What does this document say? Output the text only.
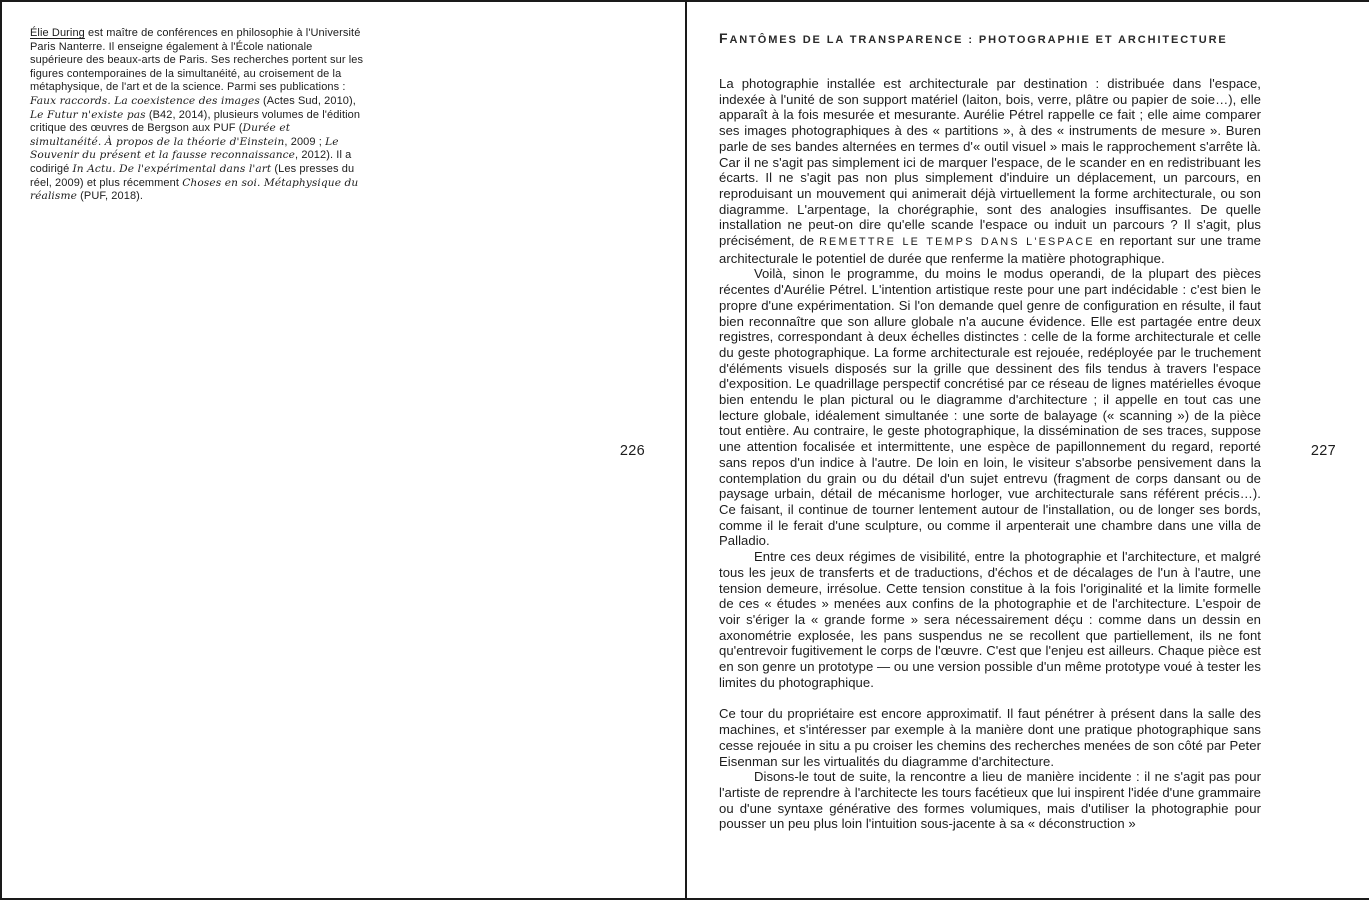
Élie During est maître de conférences en philosophie à l'Université Paris Nanterre. Il enseigne également à l'École nationale supérieure des beaux-arts de Paris. Ses recherches portent sur les figures contemporaines de la simultanéité, au croisement de la métaphysique, de l'art et de la science. Parmi ses publications : Faux raccords. La coexistence des images (Actes Sud, 2010), Le Futur n'existe pas (B42, 2014), plusieurs volumes de l'édition critique des œuvres de Bergson aux PUF (Durée et simultanéité. À propos de la théorie d'Einstein, 2009 ; Le Souvenir du présent et la fausse reconnaissance, 2012). Il a codirigé In Actu. De l'expérimental dans l'art (Les presses du réel, 2009) et plus récemment Choses en soi. Métaphysique du réalisme (PUF, 2018).
226
FANTÔMES DE LA TRANSPARENCE : PHOTOGRAPHIE ET ARCHITECTURE

La photographie installée est architecturale par destination : distribuée dans l'espace, indexée à l'unité de son support matériel (laiton, bois, verre, plâtre ou papier de soie…), elle apparaît à la fois mesurée et mesurante. Aurélie Pétrel rappelle ce fait ; elle aime comparer ses images photographiques à des « partitions », à des « instruments de mesure ». Buren parle de ses bandes alternées en termes d'« outil visuel » mais le rapprochement s'arrête là. Car il ne s'agit pas simplement ici de marquer l'espace, de le scander en en redistribuant les écarts. Il ne s'agit pas non plus simplement d'induire un déplacement, un parcours, en reproduisant un mouvement qui animerait déjà virtuellement la forme architecturale, ou son diagramme. L'arpentage, la chorégraphie, sont des analogies insuffisantes. De quelle installation ne peut-on dire qu'elle scande l'espace ou induit un parcours ? Il s'agit, plus précisément, de REMETTRE LE TEMPS DANS L'ESPACE en reportant sur une trame architecturale le potentiel de durée que renferme la matière photographique.

Voilà, sinon le programme, du moins le modus operandi, de la plupart des pièces récentes d'Aurélie Pétrel. L'intention artistique reste pour une part indécidable : c'est bien le propre d'une expérimentation. Si l'on demande quel genre de configuration en résulte, il faut bien reconnaître que son allure globale n'a aucune évidence. Elle est partagée entre deux registres, correspondant à deux échelles distinctes : celle de la forme architecturale et celle du geste photographique. La forme architecturale est rejouée, redéployée par le truchement d'éléments visuels disposés sur la grille que dessinent des fils tendus à travers l'espace d'exposition. Le quadrillage perspectif concrétisé par ce réseau de lignes matérielles évoque bien entendu le plan pictural ou le diagramme d'architecture ; il appelle en tout cas une lecture globale, idéalement simultanée : une sorte de balayage (« scanning ») de la pièce tout entière. Au contraire, le geste photographique, la dissémination de ses traces, suppose une attention focalisée et intermittente, une espèce de papillonnement du regard, reporté sans repos d'un indice à l'autre. De loin en loin, le visiteur s'absorbe pensivement dans la contemplation du grain ou du détail d'un sujet entrevu (fragment de corps dansant ou de paysage urbain, détail de mécanisme horloger, vue architecturale sans référent précis…). Ce faisant, il continue de tourner lentement autour de l'installation, ou de longer ses bords, comme il le ferait d'une sculpture, ou comme il arpenterait une chambre dans une villa de Palladio.

Entre ces deux régimes de visibilité, entre la photographie et l'architecture, et malgré tous les jeux de transferts et de traductions, d'échos et de décalages de l'un à l'autre, une tension demeure, irrésolue. Cette tension constitue à la fois l'originalité et la limite formelle de ces « études » menées aux confins de la photographie et de l'architecture. L'espoir de voir s'ériger la « grande forme » sera nécessairement déçu : comme dans un dessin en axonométrie explosée, les pans suspendus ne se recollent que partiellement, ils ne font qu'entrevoir fugitivement le corps de l'œuvre. C'est que l'enjeu est ailleurs. Chaque pièce est en son genre un prototype — ou une version possible d'un même prototype voué à tester les limites du photographique.

Ce tour du propriétaire est encore approximatif. Il faut pénétrer à présent dans la salle des machines, et s'intéresser par exemple à la manière dont une pratique photographique sans cesse rejouée in situ a pu croiser les chemins des recherches menées de son côté par Peter Eisenman sur les virtualités du diagramme d'architecture.

Disons-le tout de suite, la rencontre a lieu de manière incidente : il ne s'agit pas pour l'artiste de reprendre à l'architecte les tours facétieux que lui inspirent l'idée d'une grammaire ou d'une syntaxe générative des formes volumiques, mais d'utiliser la photographie pour pousser un peu plus loin l'intuition sous-jacente à sa « déconstruction »

227
